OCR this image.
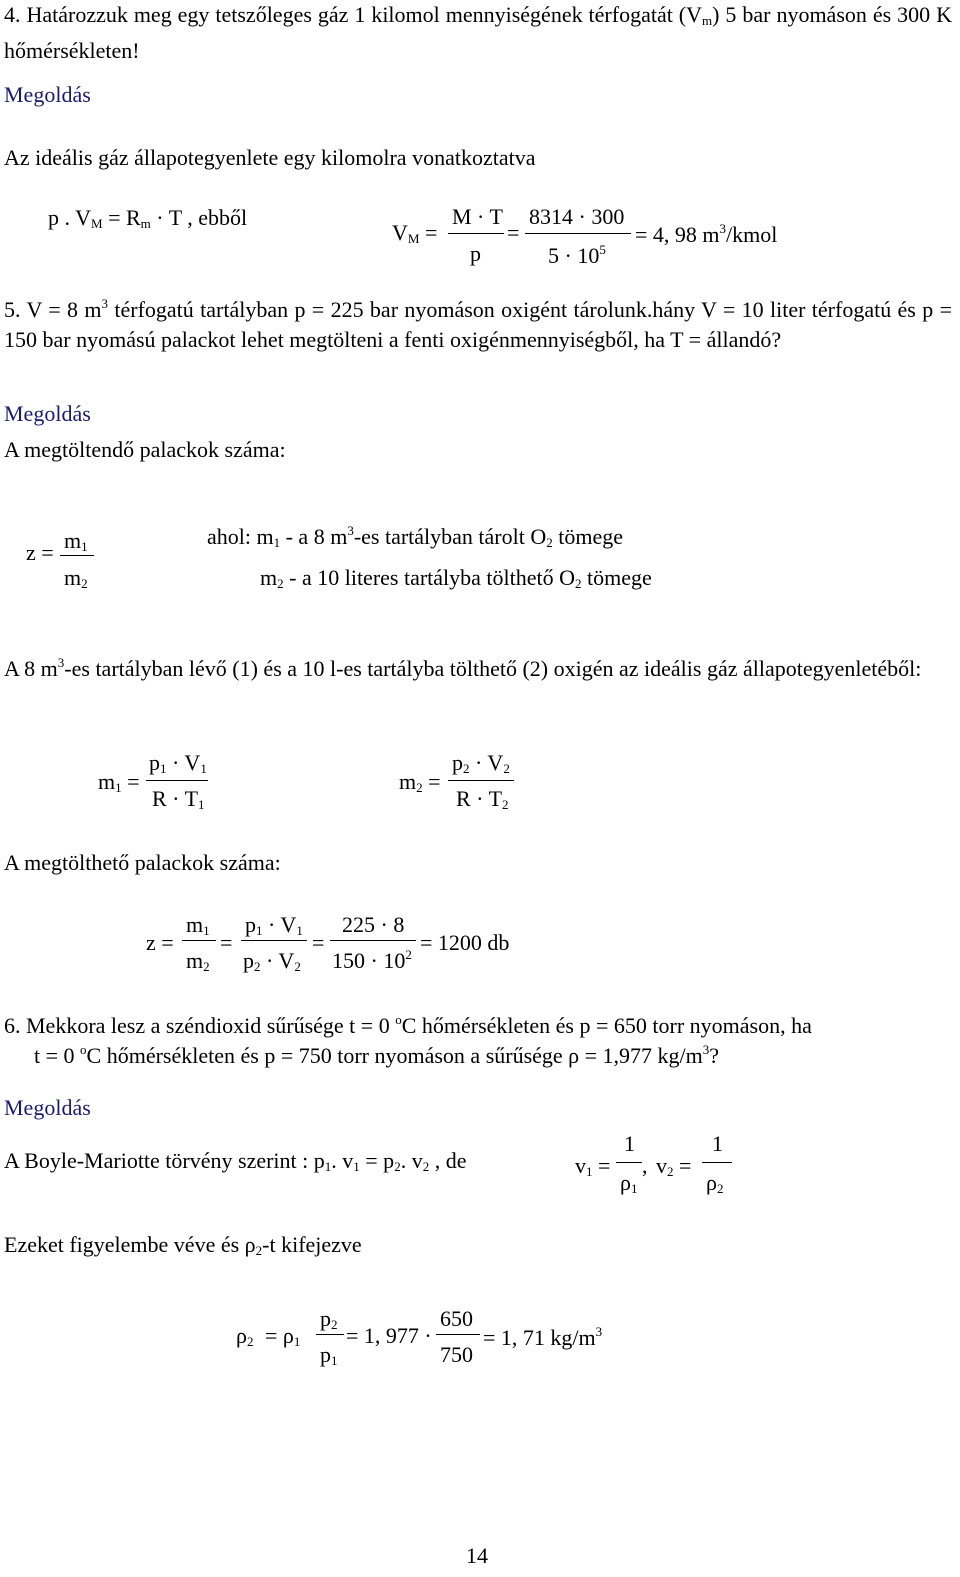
4. Határozzuk meg egy tetszőleges gáz 1 kilomol mennyiségének térfogatát $(V_m)$ 5 bar nyomáson és 300 K hőmérsékleten!
Megoldás
Az ideális gáz állapotegyenlete egy kilomolra vonatkoztatva
p . $V_M = R_m \cdot T$ , ebből
$V_M$ =
M · T
p
=
8314 · 300
$5 \cdot 10^5$
= 4, 98 $m^3$/kmol
5. V = 8 $m^3$ térfogatú tartályban p = 225 bar nyomáson oxigént tárolunk.hány V = 10 liter térfogatú és p = 150 bar nyomású palackot lehet megtölteni a fenti oxigénmennyiségből, ha T = állandó?
Megoldás
A megtöltendő palackok száma:
$z = m_1$
$m_2$
ahol: $m_1$ - a 8 $m^3-es$ tartályban tárolt $O_2$ tömege
$m_2$ - a 10 literes tartályba tölthető $O_2$ tömege
A 8 $m^3-es$ tartályban lévő (1) és a 10 l-es tartályba tölthető (2) oxigén az ideális gáz állapotegyenletéből:
$m_1$ =
$p_1 \cdot V_1$
$R \cdot T_1$
$m_2$ =
$p_2 \cdot V_2$
$R \cdot T_2$
A megtölthető palackok száma:
z =
$m_1$
$m_2$
=
$p_1 \cdot V_1$
$p_2 \cdot V_2$
=
225 · 8
$150 \cdot 10^2 = 1200$ db
6. Mekkora lesz a széndioxid sűrűsége t = 0 $^o$C hőmérsékleten és p = 650 torr nyomáson, ha
t = 0 $^o$C hőmérsékleten és p = 750 torr nyomáson a sűrűsége ρ = 1,977 $kg/m^3$?
Megoldás
A Boyle-Mariotte törvény szerint : $p_1$. $v_1 = p_2$. $v_2$ , de	$v_1$ =
1
$\rho_1$
, $v_2$ =
1
$\rho_2$
Ezeket figyelembe véve és $\rho_2-t$ kifejezve
$\rho_2 = \rho_1$
$p_2$
$p_1$
= 1, 977 ·
650
750
= 1, 71 $kg/m^3$
14
